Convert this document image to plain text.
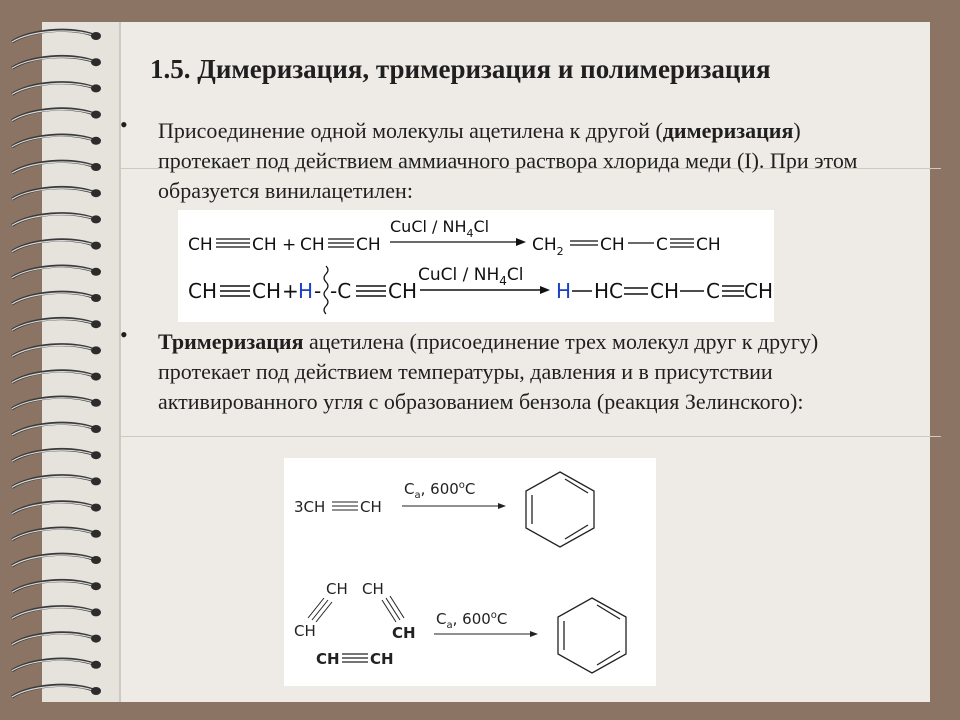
1.5. Димеризация, тримеризация и полимеризация
• Присоединение одной молекулы ацетилена к другой (димеризация) протекает под действием аммиачного раствора хлорида меди (I). При этом образуется винилацетилен:
CH CH + CH CH
CuCl / $NH_4Cl$
$CH_2$ CH C CH
CH CH + H - -C CH
CuCl / $NH_4Cl$
H HC CH C CH
• Тримеризация ацетилена (присоединение трех молекул друг к другу) протекает под действием температуры, давления и в присутствии активированного угля с образованием бензола (реакция Зелинского):
3CH CH
$C_a$, 600$^o$C
CH CH
CH	CH
CH CH
$C_a$, 600$^o$C
